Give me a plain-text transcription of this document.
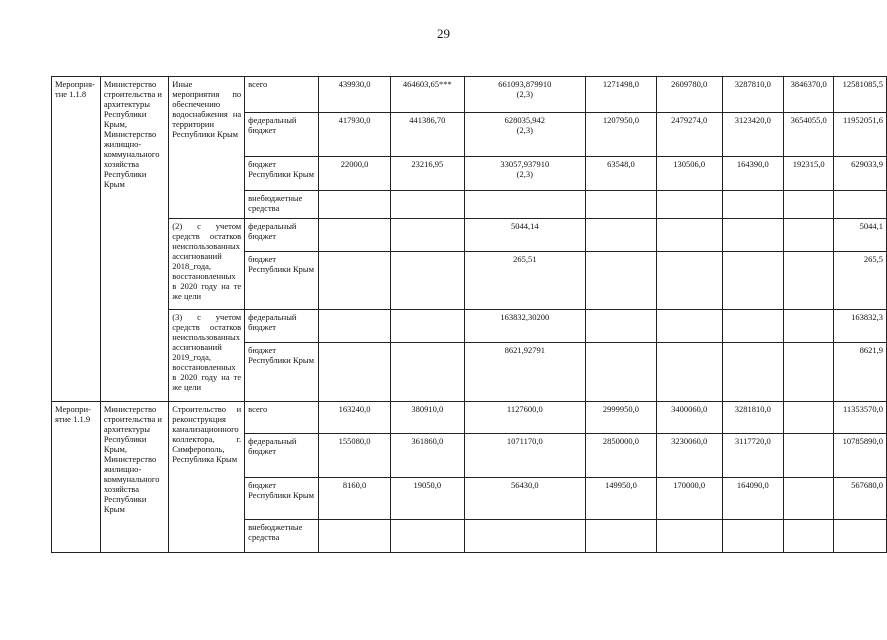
29
Меропрня-
тне 1.1.8	Министерство строительства и архитектуры Республики Крым, Министерство жилищно-коммунального хозяйства Республики Крым	Иные мероприятия по обеспечению водоснабжения на территории Республики Крым	всего	439930,0	464603,65***	661093,879910
(2,3)	1271498,0	2609780,0	3287810,0	3846370,0	12581085,5
			федеральный бюджет	417930,0	441386,70	628035,942
(2,3)	1207950,0	2479274,0	3123420,0	3654055,0	11952051,6
			бюджет Республики Крым	22000,0	23216,95	33057,937910
(2,3)	63548,0	130506,0	164390,0	192315,0	629033,9
			внебюджетные средства								
		(2) с учетом средств остатков неиспользованных ассигнований 2018_года, восстановленных в 2020 году на те же цели	федеральный бюджет			5044,14					5044,1
			бюджет Республики Крым			265,51					265,5
		(3) с учетом средств остатков неиспользованных ассигнований 2019_года, восстановленных в 2020 году на те же цели	федеральный бюджет			163832,30200					163832,3
			бюджет Республики Крым			8621,92791					8621,9
Меропри-
ятие 1.1.9	Министерство строительства и архитектуры Республики Крым, Министерство жилищно-коммунального хозяйства Республики Крым	Строительство и реконструкция канализационного коллектора, г. Симферополь, Республика Крым	всего	163240,0	380910,0	1127600,0	2999950,0	3400060,0	3281810,0		11353570,0
			федеральный бюджет	155080,0	361860,0	1071170,0	2850000,0	3230060,0	3117720,0		10785890,0
			бюджет Республики Крым	8160,0	19050,0	56430,0	149950,0	170000,0	164090,0		567680,0
			внебюджетные средства								
